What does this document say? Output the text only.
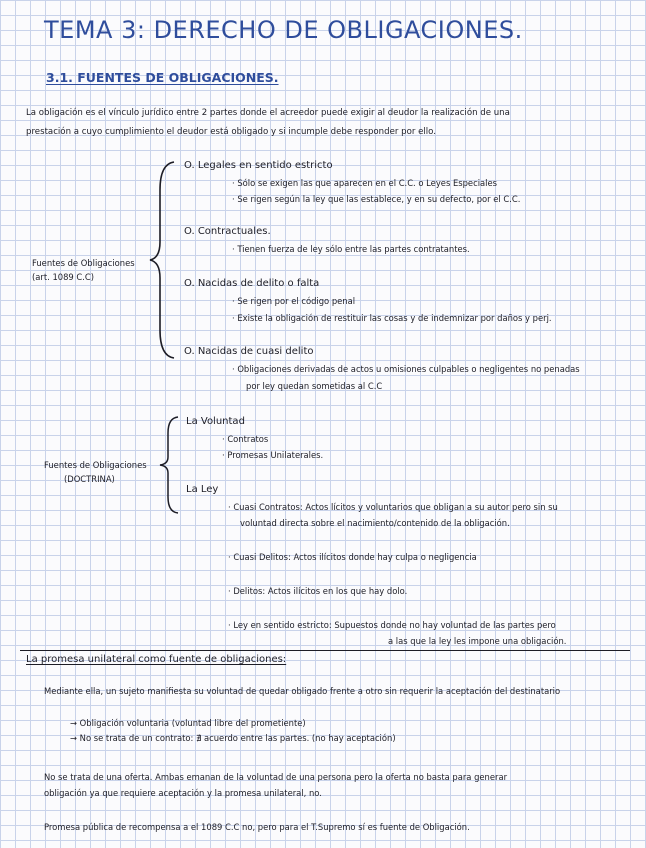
TEMA 3: DERECHO DE OBLIGACIONES.
3.1. FUENTES DE OBLIGACIONES.
La obligación es el vínculo jurídico entre 2 partes donde el acreedor puede exigir al deudor la realización de una
prestación a cuyo cumplimiento el deudor está obligado y si incumple debe responder por ello.
Fuentes de Obligaciones
(art. 1089 C.C)
O. Legales en sentido estricto
· Sólo se exigen las que aparecen en el C.C. o Leyes Especiales
· Se rigen según la ley que las establece, y en su defecto, por el C.C.
O. Contractuales.
· Tienen fuerza de ley sólo entre las partes contratantes.
O. Nacidas de delito o falta
· Se rigen por el código penal
· Existe la obligación de restituir las cosas y de indemnizar por daños y perj.
O. Nacidas de cuasi delito
· Obligaciones derivadas de actos u omisiones culpables o negligentes no penadas
por ley quedan sometidas al C.C
Fuentes de Obligaciones
(DOCTRINA)
La Voluntad
· Contratos
· Promesas Unilaterales.
La Ley
· Cuasi Contratos: Actos lícitos y voluntarios que obligan a su autor pero sin su
voluntad directa sobre el nacimiento/contenido de la obligación.
· Cuasi Delitos: Actos ilícitos donde hay culpa o negligencia
· Delitos: Actos ilícitos en los que hay dolo.
· Ley en sentido estricto: Supuestos donde no hay voluntad de las partes pero
a las que la ley les impone una obligación.
La promesa unilateral como fuente de obligaciones:
Mediante ella, un sujeto manifiesta su voluntad de quedar obligado frente a otro sin requerir la aceptación del destinatario
→ Obligación voluntaria (voluntad libre del prometiente)
→ No se trata de un contrato: ∄ acuerdo entre las partes. (no hay aceptación)
No se trata de una oferta. Ambas emanan de la voluntad de una persona pero la oferta no basta para generar
obligación ya que requiere aceptación y la promesa unilateral, no.
Promesa pública de recompensa a el 1089 C.C no, pero para el T.Supremo sí es fuente de Obligación.
